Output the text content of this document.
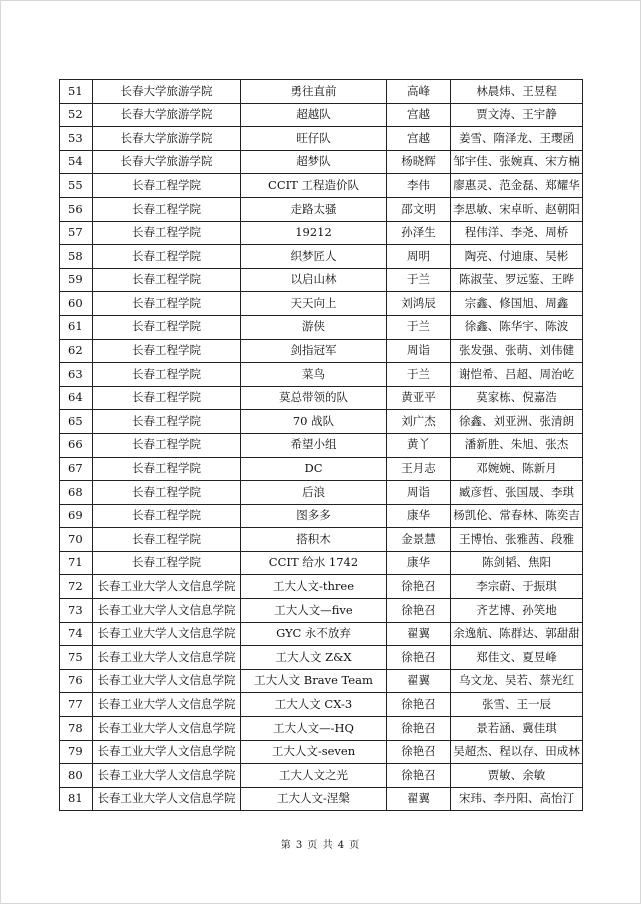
51	长春大学旅游学院	勇往直前	高峰	林晨炜、王昱程
52	长春大学旅游学院	超越队	宫越	贾文涛、王宇静
53	长春大学旅游学院	旺仔队	宫越	姜雪、隋泽龙、王璎函
54	长春大学旅游学院	超梦队	杨晓辉	邹宇佳、张婉真、宋方楠
55	长春工程学院	CCIT 工程造价队	李伟	廖惠灵、范金磊、郑耀华
56	长春工程学院	走路太骚	邵文明	李思敏、宋卓昕、赵朝阳
57	长春工程学院	19212	孙泽生	程伟洋、李尧、周桥
58	长春工程学院	织梦匠人	周明	陶亮、付迪康、吴彬
59	长春工程学院	以启山林	于兰	陈淑莹、罗远鉴、王晔
60	长春工程学院	天天向上	刘鸿辰	宗鑫、修国旭、周鑫
61	长春工程学院	游侠	于兰	徐鑫、陈华宇、陈波
62	长春工程学院	剑指冠军	周诣	张发强、张萌、刘伟健
63	长春工程学院	菜鸟	于兰	谢恺希、吕超、周治屹
64	长春工程学院	莫总带领的队	黄亚平	莫家栋、倪嘉浩
65	长春工程学院	70 战队	刘广杰	徐鑫、刘亚洲、张清朗
66	长春工程学院	希望小组	黄丫	潘新胜、朱旭、张杰
67	长春工程学院	DC	王月志	邓婉婉、陈新月
68	长春工程学院	后浪	周诣	臧彦哲、张国晟、李琪
69	长春工程学院	图多多	康华	杨凯伦、常春林、陈奕吉
70	长春工程学院	搭积木	金景慧	王博怡、张雅茜、段雅
71	长春工程学院	CCIT 给水 1742	康华	陈剑韬、焦阳
72	长春工业大学人文信息学院	工大人文-three	徐艳召	李宗蔚、于振琪
73	长春工业大学人文信息学院	工大人文—five	徐艳召	齐艺博、孙笑地
74	长春工业大学人文信息学院	GYC 永不放弃	翟翼	余逸航、陈群达、郭甜甜
75	长春工业大学人文信息学院	工大人文 Z&X	徐艳召	郑佳文、夏昱峰
76	长春工业大学人文信息学院	工大人文 Brave Team	翟翼	乌文龙、吴若、蔡光红
77	长春工业大学人文信息学院	工大人文 CX-3	徐艳召	张雪、王一辰
78	长春工业大学人文信息学院	工大人文—-HQ	徐艳召	景若涵、冀佳琪
79	长春工业大学人文信息学院	工大人文-seven	徐艳召	吴超杰、程以存、田成林
80	长春工业大学人文信息学院	工大人文之光	徐艳召	贾敏、余敏
81	长春工业大学人文信息学院	工大人文-涅槃	翟翼	宋玮、李丹阳、高怡汀
第 3 页 共 4 页
